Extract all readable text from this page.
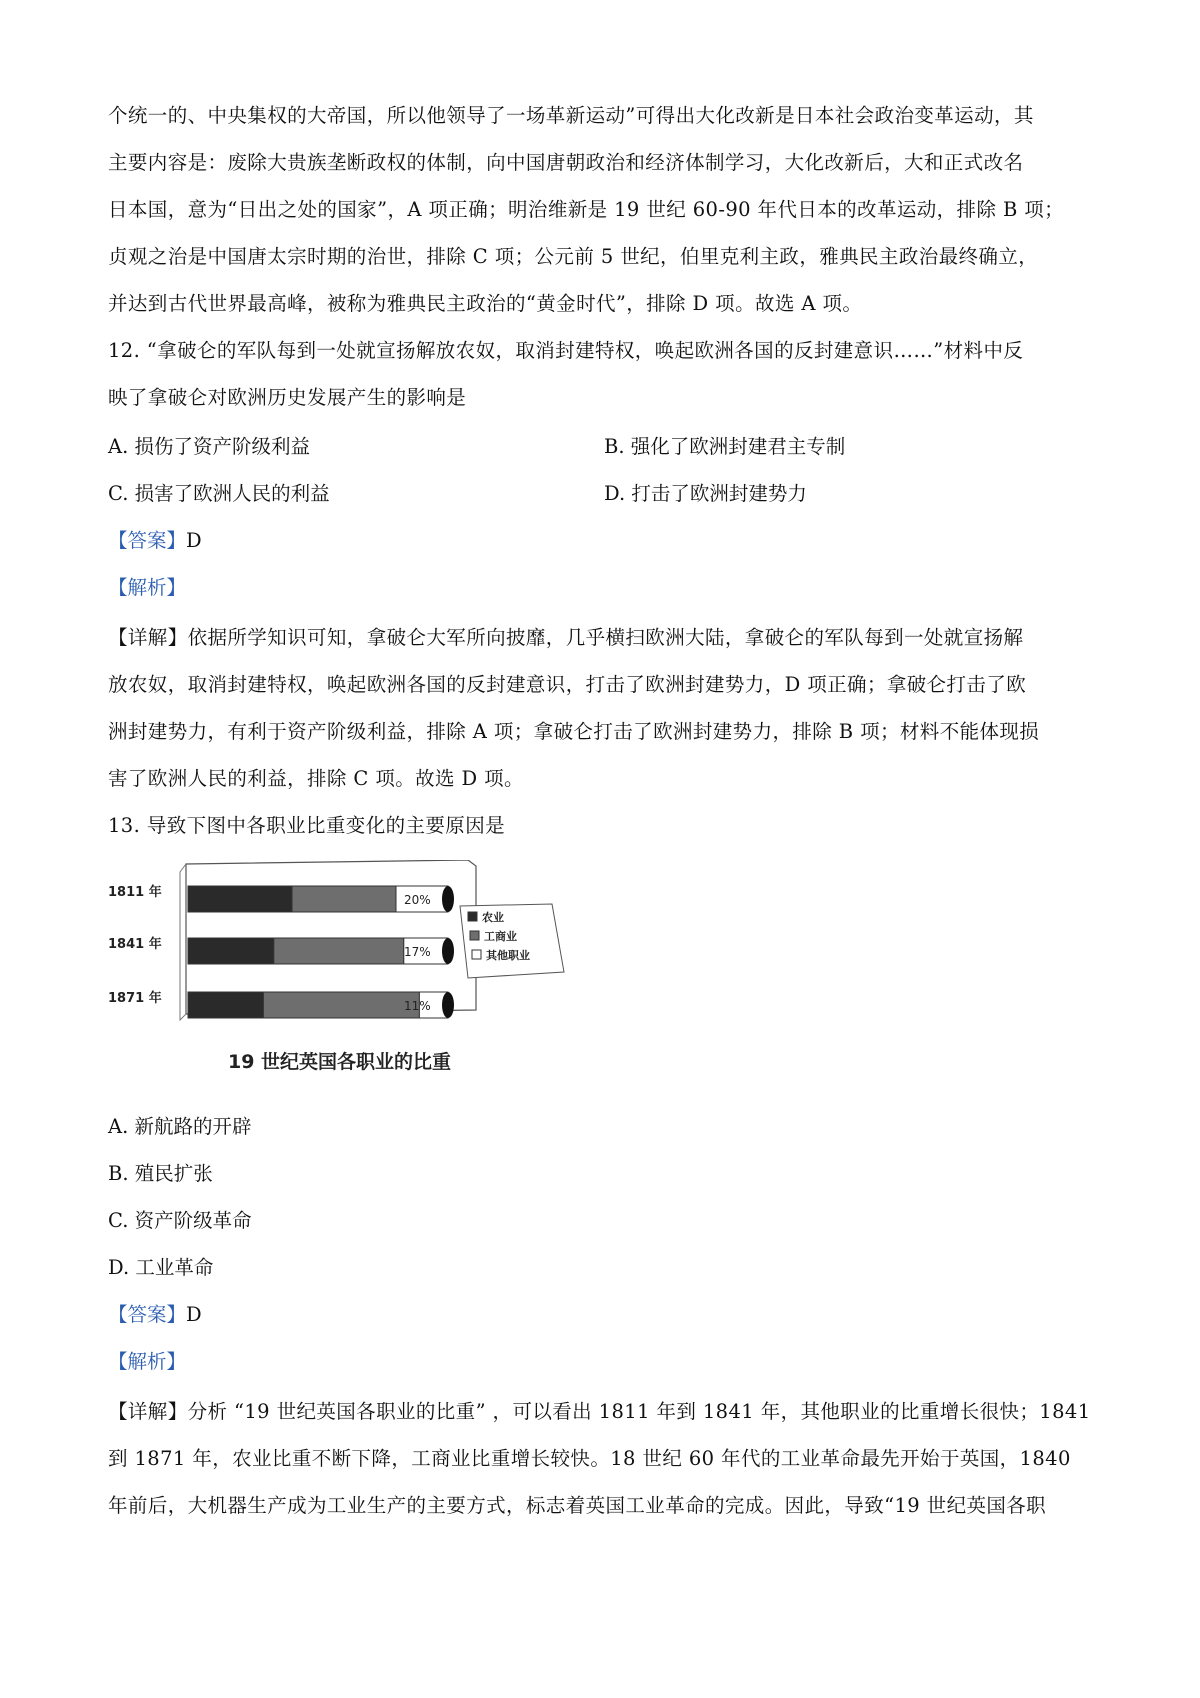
个统一的、中央集权的大帝国，所以他领导了一场革新运动”可得出大化改新是日本社会政治变革运动，其
主要内容是：废除大贵族垄断政权的体制，向中国唐朝政治和经济体制学习，大化改新后，大和正式改名
日本国，意为“日出之处的国家”，A 项正确；明治维新是 19 世纪 60-90 年代日本的改革运动，排除 B 项；
贞观之治是中国唐太宗时期的治世，排除 C 项；公元前 5 世纪，伯里克利主政，雅典民主政治最终确立，
并达到古代世界最高峰，被称为雅典民主政治的“黄金时代”，排除 D 项。故选 A 项。
12. “拿破仑的军队每到一处就宣扬解放农奴，取消封建特权，唤起欧洲各国的反封建意识……”材料中反
映了拿破仑对欧洲历史发展产生的影响是
A. 损伤了资产阶级利益	B. 强化了欧洲封建君主专制
C. 损害了欧洲人民的利益	D. 打击了欧洲封建势力
【答案】D
【解析】
【详解】依据所学知识可知，拿破仑大军所向披靡，几乎横扫欧洲大陆，拿破仑的军队每到一处就宣扬解
放农奴，取消封建特权，唤起欧洲各国的反封建意识，打击了欧洲封建势力，D 项正确；拿破仑打击了欧
洲封建势力，有利于资产阶级利益，排除 A 项；拿破仑打击了欧洲封建势力，排除 B 项；材料不能体现损
害了欧洲人民的利益，排除 C 项。故选 D 项。
13. 导致下图中各职业比重变化的主要原因是
20%
17%
11%
1811 年
1841 年
1871 年
农业
工商业
其他职业
19 世纪英国各职业的比重
A. 新航路的开辟
B. 殖民扩张
C. 资产阶级革命
D. 工业革命
【答案】D
【解析】
【详解】分析 “19 世纪英国各职业的比重” ，可以看出 1811 年到 1841 年，其他职业的比重增长很快；1841
到 1871 年，农业比重不断下降，工商业比重增长较快。18 世纪 60 年代的工业革命最先开始于英国，1840
年前后，大机器生产成为工业生产的主要方式，标志着英国工业革命的完成。因此，导致“19 世纪英国各职
